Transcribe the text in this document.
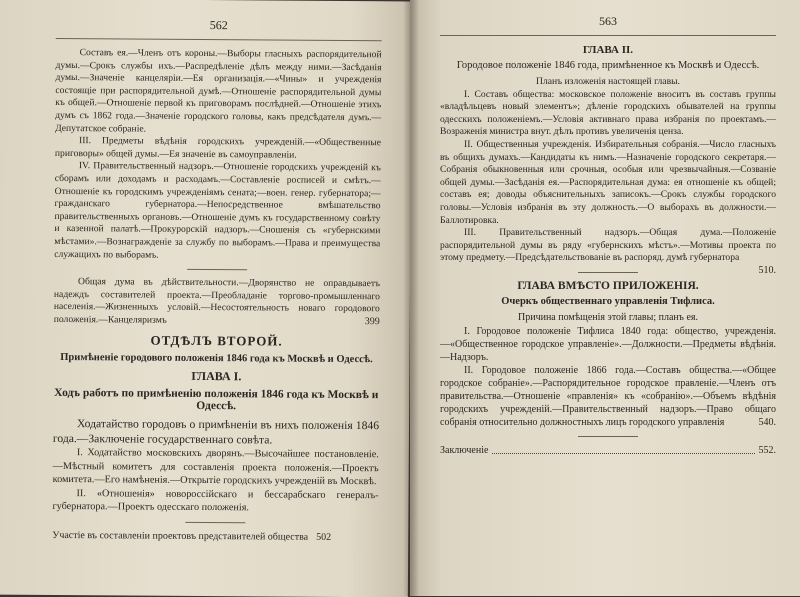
562

Составъ ея.—Членъ отъ короны.—Выборы гласныхъ распорядительной думы.—Срокъ службы ихъ.—Распредѣленіе дѣлъ между ними.—Засѣданія думы.—Значеніе канцеляріи.—Ея организація.—«Чины» и учрежденія состоящіе при распорядительной думѣ.—Отношеніе распорядительной думы къ общей.—Отношеніе первой къ приговорамъ послѣдней.—Отношеніе этихъ думъ съ 1862 года.—Значеніе городского головы, какъ предсѣдателя думъ.—Депутатское собраніе.

III. Предметы вѣдѣнія городскихъ учрежденій.—«Общественные приговоры» общей думы.—Ея значеніе въ самоуправленіи.

IV. Правительственный надзоръ.—Отношеніе городскихъ учрежденій къ сборамъ или доходамъ и расходамъ.—Составленіе росписей и смѣтъ.—Отношеніе къ городскимъ учрежденіямъ сената;—воен. генер. губернатора;—гражданскаго губернатора.—Непосредственное вмѣшательство правительственныхъ органовъ.—Отношеніе думъ къ государственному совѣту и казенной палатѣ.—Прокурорскій надзоръ.—Сношенія съ «губернскими мѣстами».—Вознагражденіе за службу по выборамъ.—Права и преимущества служащихъ по выборамъ.

Общая дума въ дѣйствительности.—Дворянство не оправдываетъ надеждъ составителей проекта.—Преобладаніе торгово-промышленнаго населенія.—Жизненныхъ условій.—Несостоятельность новаго городового положенія.—Канцеляризмъ	399

ОТДѢЛЪ ВТОРОЙ.
Примѣненіе городового положенія 1846 года къ Москвѣ и Одессѣ.
ГЛАВА I.
Ходъ работъ по примѣненію положенія 1846 года къ Москвѣ и Одессѣ.

Ходатайство городовъ о примѣненіи въ нихъ положенія 1846 года.—Заключеніе государственнаго совѣта.

I. Ходатайство московскихъ дворянъ.—Высочайшее постановленіе.—Мѣстный комитетъ для составленія проекта положенія.—Проектъ комитета.—Его намѣненія.—Открытіе городскихъ учрежденій въ Москвѣ.

II. «Отношенія» новороссійскаго и бессарабскаго генералъ-губернатора.—Проектъ одесскаго положенія.

Участіе въ составленіи проектовъ представителей общества 502
563
ГЛАВА II.
Городовое положеніе 1846 года, примѣненное къ Москвѣ и Одессѣ.

Планъ изложенія настоящей главы.

I. Составъ общества: московское положеніе вноситъ въ составъ группы «владѣльцевъ новый элементъ»; дѣленіе городскихъ обывателей на группы одесскихъ положеніемъ.—Условія активнаго права избранія по проектамъ.—Возраженія министра внут. дѣлъ противъ увеличенія ценза.

II. Общественныя учрежденія. Избирательныя собранія.—Число гласныхъ въ общихъ думахъ.—Кандидаты къ нимъ.—Назначеніе городского секретаря.—Собранія обыкновенныя или срочныя, особыя или чрезвычайныя.—Созваніе общей думы.—Засѣданія ея.—Распорядительная дума: ея отношеніе къ общей; составъ ея; доводы объяснительныхъ записокъ.—Срокъ службы городского головы.—Условія избранія въ эту должность.—О выборахъ въ должности.—Баллотировка.

III. Правительственный надзоръ.—Общая дума.—Положеніе распорядительной думы въ ряду «губернскихъ мѣстъ».—Мотивы проекта по этому предмету.—Предсѣдательствованіе въ распоряд. думѣ губернатора
510.

ГЛАВА ВМѢСТО ПРИЛОЖЕНІЯ.
Очеркъ общественнаго управленія Тифлиса.

Причина помѣщенія этой главы; планъ ея.

I. Городовое положеніе Тифлиса 1840 года: общество, учрежденія.—«Общественное городское управленіе».—Должности.—Предметы вѣдѣнія.—Надзоръ.

II. Городовое положеніе 1866 года.—Составъ общества.—«Общее городское собраніе».—Распорядительное городское правленіе.—Членъ отъ правительства.—Отношеніе «правленія» къ «собранію».—Объемъ вѣдѣнія городскихъ учрежденій.—Правительственный надзоръ.—Право общаго собранія относительно должностныхъ лицъ городского управленія	540.

Заключеніе	552.
